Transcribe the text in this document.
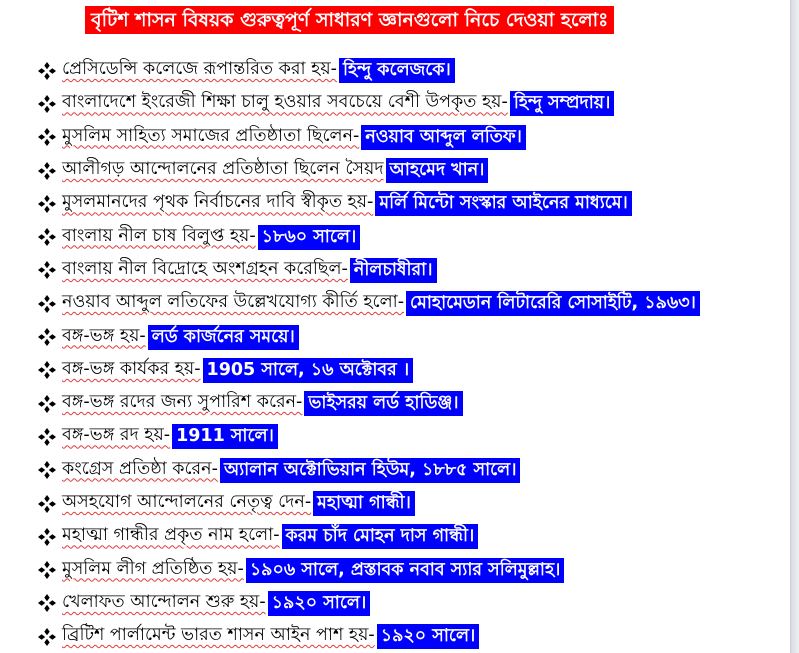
বৃটিশ শাসন বিষয়ক গুরুত্বপূর্ণ সাধারণ জ্ঞানগুলো নিচে দেওয়া হলোঃ
প্রেসিডেন্সি কলেজে রূপান্তরিত করা হয়- হিন্দু কলেজকে।
বাংলাদেশে ইংরেজী শিক্ষা চালু হওয়ার সবচেয়ে বেশী উপকৃত হয়- হিন্দু সম্প্রদায়।
মুসলিম সাহিত্য সমাজের প্রতিষ্ঠাতা ছিলেন- নওয়াব আব্দুল লতিফ।
আলীগড় আন্দোলনের প্রতিষ্ঠাতা ছিলেন সৈয়দ আহমেদ খান।
মুসলমানদের পৃথক নির্বাচনের দাবি স্বীকৃত হয়- মর্লি মিন্টো সংস্কার আইনের মাধ্যমে।
বাংলায় নীল চাষ বিলুপ্ত হয়- ১৮৬০ সালে।
বাংলায় নীল বিদ্রোহে অংশগ্রহন করেছিল- নীলচাষীরা।
নওয়াব আব্দুল লতিফের উল্লেখযোগ্য কীর্তি হলো- মোহামেডান লিটারেরি সোসাইটি, ১৯৬৩।
বঙ্গ-ভঙ্গ হয়- লর্ড কার্জনের সময়ে।
বঙ্গ-ভঙ্গ কার্যকর হয়- 1905 সালে, ১৬ অক্টোবর ।
বঙ্গ-ভঙ্গ রদের জন্য সুপারিশ করেন- ভাইসরয় লর্ড হাডিঞ্জ।
বঙ্গ-ভঙ্গ রদ হয়- 1911 সালে।
কংগ্রেস প্রতিষ্ঠা করেন- অ্যালান অক্টোভিয়ান হিউম, ১৮৮৫ সালে।
অসহযোগ আন্দোলনের নেতৃত্ব দেন- মহাত্মা গান্ধী।
মহাত্মা গান্ধীর প্রকৃত নাম হলো- করম চাঁদ মোহন দাস গান্ধী।
মুসলিম লীগ প্রতিষ্ঠিত হয়- ১৯০৬ সালে, প্রস্তাবক নবাব স্যার সলিমুল্লাহ।
খেলাফত আন্দোলন শুরু হয়- ১৯২০ সালে।
ব্রিটিশ পার্লামেন্ট ভারত শাসন আইন পাশ হয়- ১৯২০ সালে।
